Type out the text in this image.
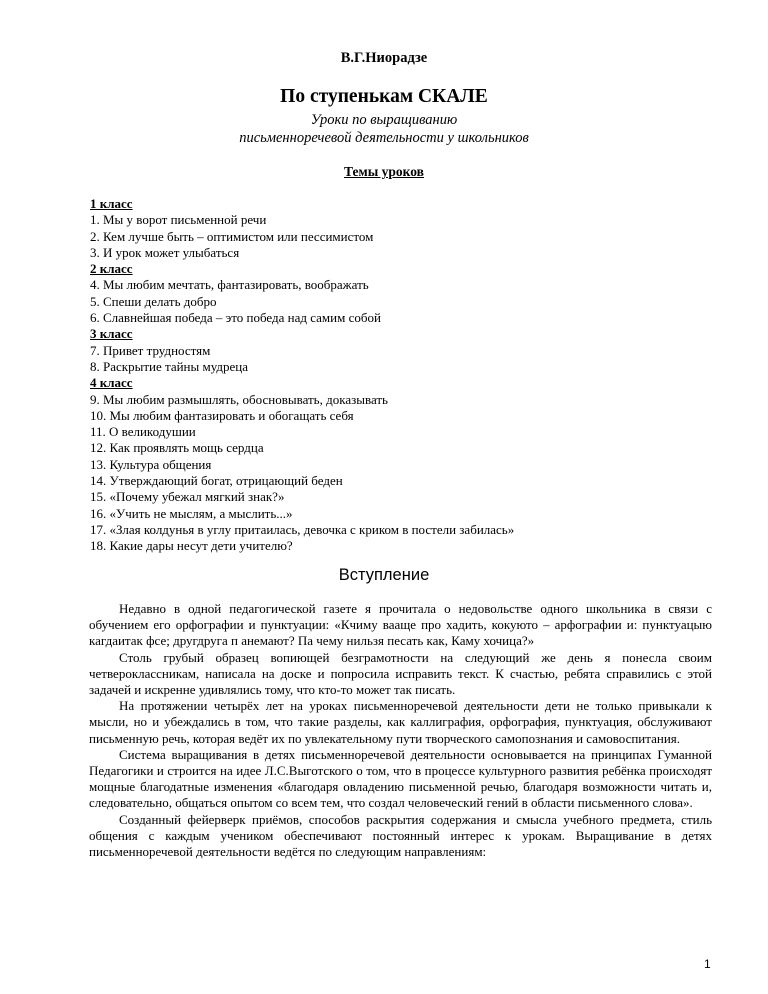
В.Г.Ниорадзе
По ступенькам СКАЛЕ
Уроки по выращиванию
письменноречевой деятельности у школьников
Темы уроков
1 класс
1. Мы у ворот письменной речи
2. Кем лучше быть – оптимистом или пессимистом
3. И урок может улыбаться
2 класс
4. Мы любим мечтать, фантазировать, воображать
5. Спеши делать добро
6. Славнейшая победа – это победа над самим собой
3 класс
7. Привет трудностям
8. Раскрытие тайны мудреца
4 класс
9. Мы любим размышлять, обосновывать, доказывать
10. Мы любим фантазировать и обогащать себя
11. О великодушии
12. Как проявлять мощь сердца
13. Культура общения
14. Утверждающий богат, отрицающий беден
15. «Почему убежал мягкий знак?»
16. «Учить не мыслям, а мыслить...»
17. «Злая колдунья в углу притаилась, девочка с криком в постели забилась»
18. Какие дары несут дети учителю?
Вступление

Недавно в одной педагогической газете я прочитала о недовольстве одного школьника в связи с обучением его орфографии и пунктуации: «Кчиму вааще про хадить, кокуюто – арфографии и: пунктуацыю кагдаитак фсе; другдруга п анемают? Па чему нильзя песать как, Каму хочица?»

Столь грубый образец вопиющей безграмотности на следующий же день я понесла своим четвероклассникам, написала на доске и попросила исправить текст. К счастью, ребята справились с этой задачей и искренне удивлялись тому, что кто-то может так писать.

На протяжении четырёх лет на уроках письменноречевой деятельности дети не только привыкали к мысли, но и убеждались в том, что такие разделы, как каллиграфия, орфография, пунктуация, обслуживают письменную речь, которая ведёт их по увлекательному пути творческого самопознания и самовоспитания.

Система выращивания в детях письменноречевой деятельности основывается на принципах Гуманной Педагогики и строится на идее Л.С.Выготского о том, что в процессе культурного развития ребёнка происходят мощные благодатные изменения «благодаря овладению письменной речью, благодаря возможности читать и, следовательно, общаться опытом со всем тем, что создал человеческий гений в области письменного слова».

Созданный фейерверк приёмов, способов раскрытия содержания и смысла учебного предмета, стиль общения с каждым учеником обеспечивают постоянный интерес к урокам. Выращивание в детях письменноречевой деятельности ведётся по следующим направлениям:

1
